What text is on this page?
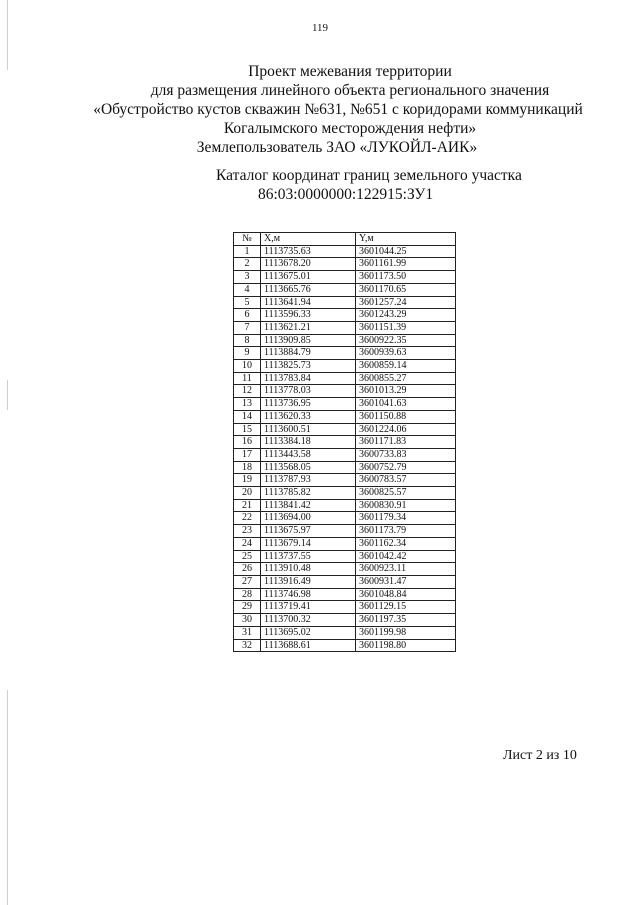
119
Проект межевания территории
для размещения линейного объекта регионального значения
«Обустройство кустов скважин №631, №651 с коридорами коммуникаций
Когалымского месторождения нефти»
Землепользователь ЗАО «ЛУКОЙЛ-АИК»
Каталог координат границ земельного участка
86:03:0000000:122915:ЗУ1
№	X,м	Y,м
1	1113735.63	3601044.25
2	1113678.20	3601161.99
3	1113675.01	3601173.50
4	1113665.76	3601170.65
5	1113641.94	3601257.24
6	1113596.33	3601243.29
7	1113621.21	3601151.39
8	1113909.85	3600922.35
9	1113884.79	3600939.63
10	1113825.73	3600859.14
11	1113783.84	3600855.27
12	1113778.03	3601013.29
13	1113736.95	3601041.63
14	1113620.33	3601150.88
15	1113600.51	3601224.06
16	1113384.18	3601171.83
17	1113443.58	3600733.83
18	1113568.05	3600752.79
19	1113787.93	3600783.57
20	1113785.82	3600825.57
21	1113841.42	3600830.91
22	1113694.00	3601179.34
23	1113675.97	3601173.79
24	1113679.14	3601162.34
25	1113737.55	3601042.42
26	1113910.48	3600923.11
27	1113916.49	3600931.47
28	1113746.98	3601048.84
29	1113719.41	3601129.15
30	1113700.32	3601197.35
31	1113695.02	3601199.98
32	1113688.61	3601198.80
Лист 2 из 10
